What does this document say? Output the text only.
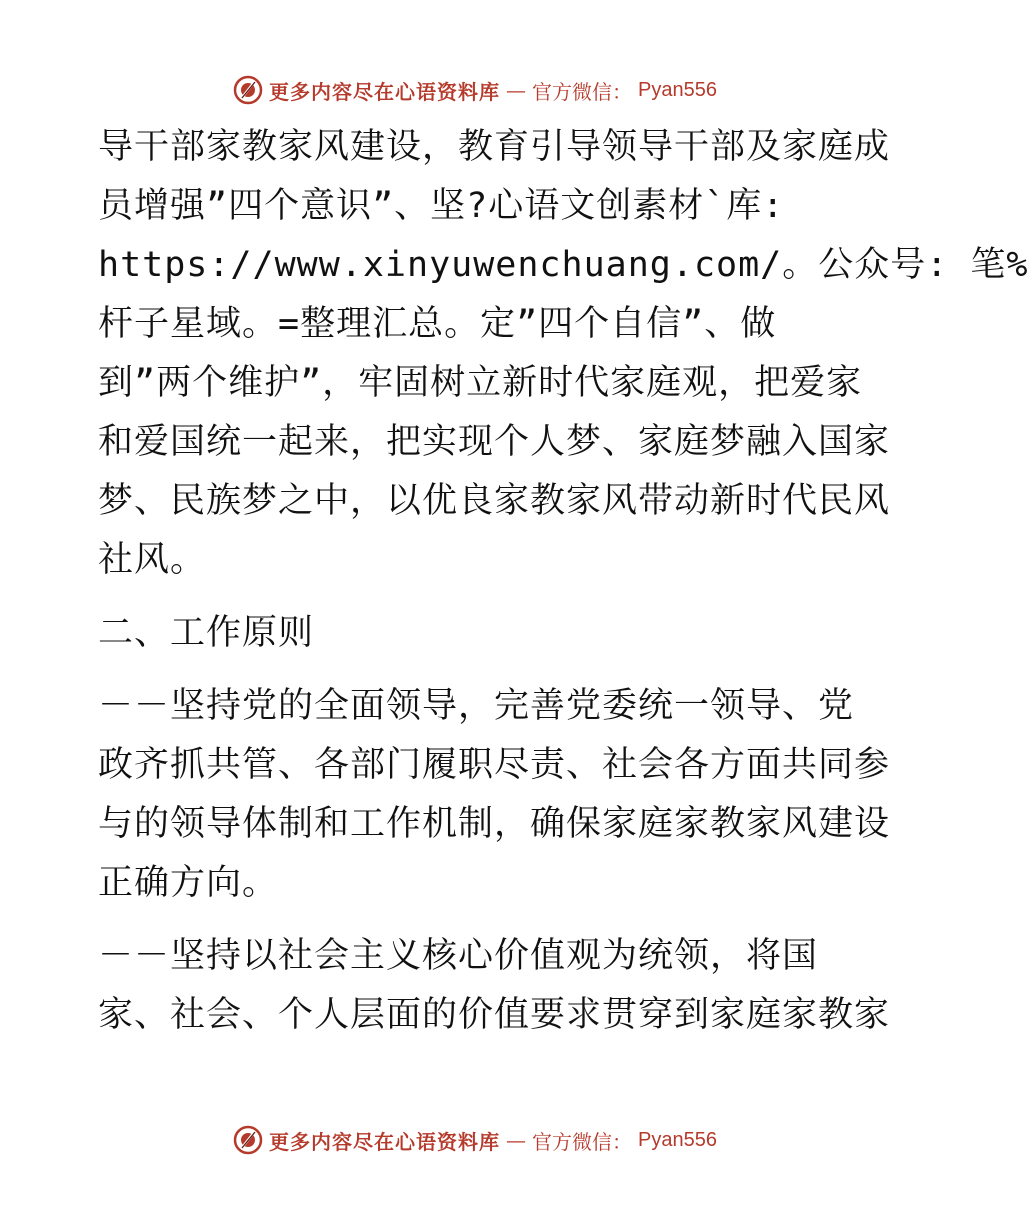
更多内容尽在心语资料库 — 官方微信： Pyan556
导干部家教家风建设，教育引导领导干部及家庭成
员增强”四个意识”、坚?心语文创素材`库:
https://www.xinyuwenchuang.com/。公众号: 笔%
杆子星域。=整理汇总。定”四个自信”、做
到”两个维护”，牢固树立新时代家庭观，把爱家
和爱国统一起来，把实现个人梦、家庭梦融入国家
梦、民族梦之中，以优良家教家风带动新时代民风
社风。
二、工作原则
－－坚持党的全面领导，完善党委统一领导、党
政齐抓共管、各部门履职尽责、社会各方面共同参
与的领导体制和工作机制，确保家庭家教家风建设
正确方向。
－－坚持以社会主义核心价值观为统领，将国
家、社会、个人层面的价值要求贯穿到家庭家教家
更多内容尽在心语资料库 — 官方微信： Pyan556
